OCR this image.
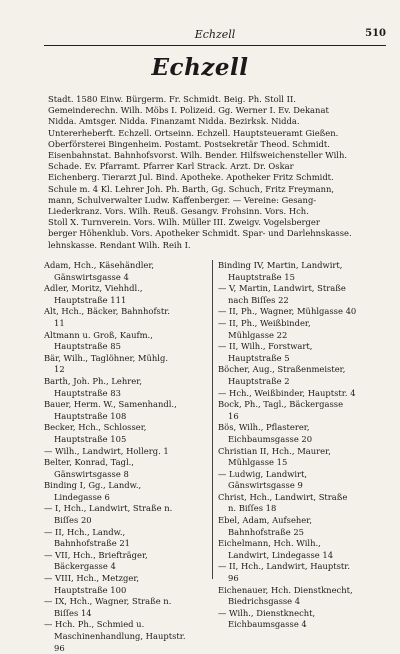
Echzell	510
Echzell
Stadt. 1580 Einw. Bürgerm. Fr. Schmidt. Beig. Ph. Stoll II.
Gemeinderechn. Wilh. Möbs I. Polizeid. Gg. Werner I. Ev. Dekanat
Nidda. Amtsger. Nidda. Finanzamt Nidda. Bezirksk. Nidda.
Untererheberft. Echzell. Ortseinn. Echzell. Hauptsteueramt Gießen.
Oberförsterei Bingenheim. Postamt. Postsekretär Theod. Schmidt.
Eisenbahnstat. Bahnhofsvorst. Wilh. Bender. Hilfsweichensteller Wilh.
Schade. Ev. Pfarramt. Pfarrer Karl Strack. Arzt. Dr. Oskar
Eichenberg. Tierarzt Jul. Bind. Apotheke. Apotheker Fritz Schmidt.
Schule m. 4 Kl. Lehrer Joh. Ph. Barth, Gg. Schuch, Fritz Freymann,
mann, Schulverwalter Ludw. Kaffenberger. — Vereine: Gesang-
Liederkranz. Vors. Wilh. Reuß. Gesangv. Frohsinn. Vors. Hch.
Stoll X. Turnverein. Vors. Wilh. Müller III. Zweigv. Vogelsberger
berger Höhenklub. Vors. Apotheker Schmidt. Spar- und Darlehnskasse.
lehnskasse. Rendant Wilh. Reih I.
Adam, Hch., Käsehändler,
Gänswirtsgasse 4
Adler, Moritz, Viehhdl.,
Hauptstraße 111
Alt, Hch., Bäcker, Bahnhofstr.
11
Altmann u. Groß, Kaufm.,
Hauptstraße 85
Bär, Wilh., Taglöhner, Mühlg.
12
Barth, Joh. Ph., Lehrer,
Hauptstraße 83
Bauer, Herm. W., Samenhandl.,
Hauptstraße 108
Becker, Hch., Schlosser,
Hauptstraße 105
— Wilh., Landwirt, Hollerg. 1
Belter, Konrad, Tagl.,
Gänswirtsgasse 8
Binding I, Gg., Landw.,
Lindegasse 6
— I, Hch., Landwirt, Straße n.
Biſſes 20
— II, Hch., Landw.,
Bahnhofstraße 21
— VII, Hch., Briefträger,
Bäckergasse 4
— VIII, Hch., Metzger,
Hauptstraße 100
— IX, Hch., Wagner, Straße n.
Biſſes 14
— Hch. Ph., Schmied u.
Maschinenhandlung, Hauptstr.
96
Binding IV, Martin, Landwirt,
Hauptstraße 15
— V, Martin, Landwirt, Straße
nach Biſſes 22
— II, Ph., Wagner, Mühlgasse 40
— II, Ph., Weißbinder,
Mühlgasse 22
— II, Wilh., Forstwart,
Hauptstraße 5
Böcher, Aug., Straßenmeister,
Hauptstraße 2
— Hch., Weißbinder, Hauptstr. 4
Bock, Ph., Tagl., Bäckergasse
16
Bös, Wilh., Pflasterer,
Eichbaumsgasse 20
Christian II, Hch., Maurer,
Mühlgasse 15
— Ludwig, Landwirt,
Gänswirtsgasse 9
Christ, Hch., Landwirt, Straße
n. Biſſes 18
Ebel, Adam, Aufseher,
Bahnhofstraße 25
Eichelmann, Hch. Wilh.,
Landwirt, Lindegasse 14
— II, Hch., Landwirt, Hauptstr.
96
Eichenauer, Hch. Dienstknecht,
Biedrichsgasse 4
— Wilh., Dienstknecht,
Eichbaumsgasse 4
